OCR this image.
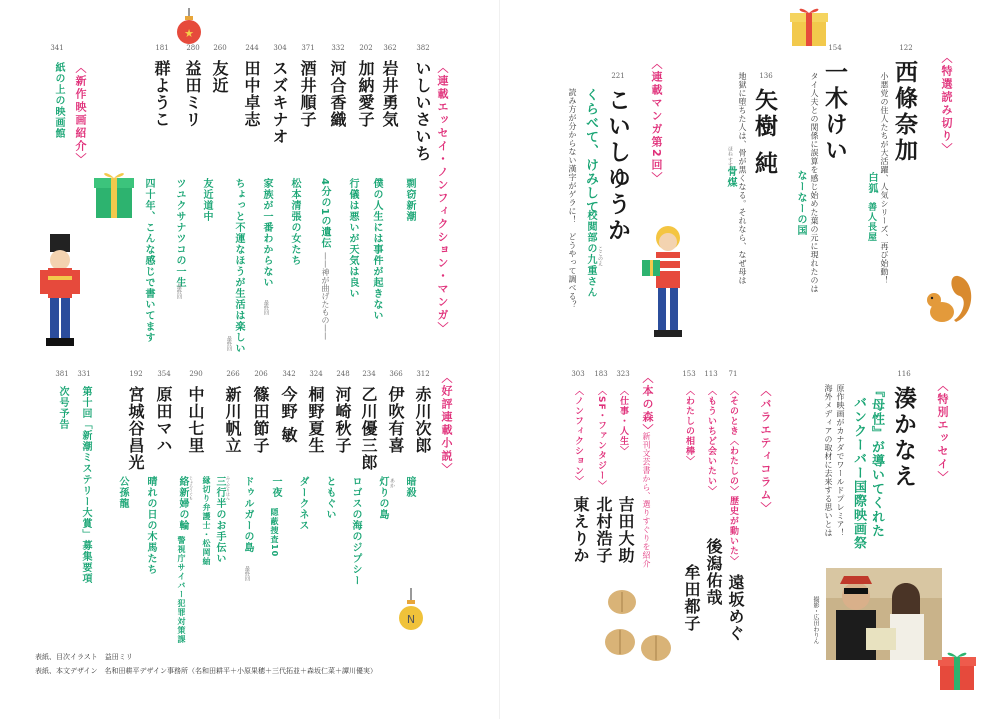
〈特選読み切り〉
122
西條奈加
小悪党の住人たちが大活躍、人気シリーズ、再び始動！
白狐
善人長屋
154
一木けい
タイ人夫との関係に誤算を感じ始めた葉の元に現れたのは
なーなーの国
136
矢樹 純
地獄に堕ちた人は、骨が黒くなる。それなら、なぜ母は
ほね すす
骨煤
〈連載マンガ第2回〉
221
こいしゆうか
くらべて、けみして
校閲部の九重さん ここのえ
読み方が分からない漢字がゲラに！　どうやって調べる？
〈特別エッセイ〉
116
湊かなえ
『母性』が導いてくれた
バンクーバー国際映画祭
原作映画がカナダでワールドプレミア！
海外メディアの取材に去来する思いとは
〈バラエティコラム〉
71
〈そのとき〈わたしの〉歴史が動いた〉
遠坂めぐ
113
〈もういちど会いたい〉
後潟佑哉
153
〈わたしの相棒〉
牟田都子
〈本の森〉
新刊文芸書から、選りすぐりを紹介
323
〈仕事・人生〉
吉田大助
183
〈SF・ファンタジー〉
北村浩子
303
〈ノンフィクション〉
東えりか
〈連載エッセイ・ノンフィクション・マンガ〉
382
いしいさいち
剽窃新潮
362
岩井勇気
僕の人生には事件が起きない
202
加納愛子
行儀は悪いが天気は良い
332
河合香織
4分の1の遺伝
——神が曲げたもの——
371
酒井順子
松本清張の女たち
304
スズキナオ
家族が一番わからない
最終回
244
田中卓志
ちょっと不運なほうが生活は楽しい
最終回
260
友近
友近道中
280
益田ミリ
ツユクサナツコの一生
最終回
181
群ようこ
四十年、こんな感じで書いてます
〈新作映画紹介〉
341
紙の上の映画館
〈好評連載小説〉
312
赤川次郎
暗殺
366
伊吹有喜
灯りの島 あか
234
乙川優三郎
ロゴスの海のジプシー
248
河崎秋子
ともぐい
324
桐野夏生
ダークネス
342
今野 敏
一夜
隠蔽捜査10
206
篠田節子
ドゥルガーの島
最終回
266
新川帆立
三行半のお手伝い みくだりはん
縁切り弁護士・松岡紬
290
中山七里
絡新婦の輪 じょろうぐも
警視庁サイバー犯罪対策課
354
原田マハ
晴れの日の木馬たち
192
宮城谷昌光
公孫龍
331
第十回「新潮ミステリー大賞」募集要項
381
次号予告
表紙、目次イラスト　益田ミリ
表紙、本文デザイン　名和田耕平デザイン事務所（名和田耕平＋小原果穂＋三代拓並＋森坂仁菜＋譚川優実）
★
N	撮影・広田わりん
